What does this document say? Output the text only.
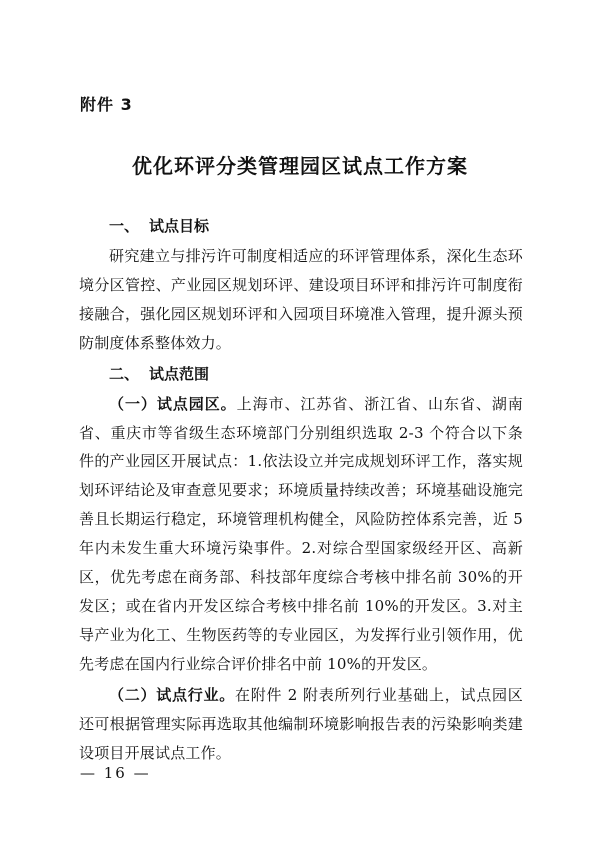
附件 3
优化环评分类管理园区试点工作方案

一、 试点目标

研究建立与排污许可制度相适应的环评管理体系，深化生态环境分区管控、产业园区规划环评、建设项目环评和排污许可制度衔接融合，强化园区规划环评和入园项目环境准入管理，提升源头预防制度体系整体效力。

二、 试点范围

（一）试点园区。上海市、江苏省、浙江省、山东省、湖南省、重庆市等省级生态环境部门分别组织选取 2-3 个符合以下条件的产业园区开展试点：1.依法设立并完成规划环评工作，落实规划环评结论及审查意见要求；环境质量持续改善；环境基础设施完善且长期运行稳定，环境管理机构健全，风险防控体系完善，近 5 年内未发生重大环境污染事件。2.对综合型国家级经开区、高新区，优先考虑在商务部、科技部年度综合考核中排名前 30%的开发区；或在省内开发区综合考核中排名前 10%的开发区。3.对主导产业为化工、生物医药等的专业园区，为发挥行业引领作用，优先考虑在国内行业综合评价排名中前 10%的开发区。

（二）试点行业。在附件 2 附表所列行业基础上，试点园区还可根据管理实际再选取其他编制环境影响报告表的污染影响类建设项目开展试点工作。

— 16 —
